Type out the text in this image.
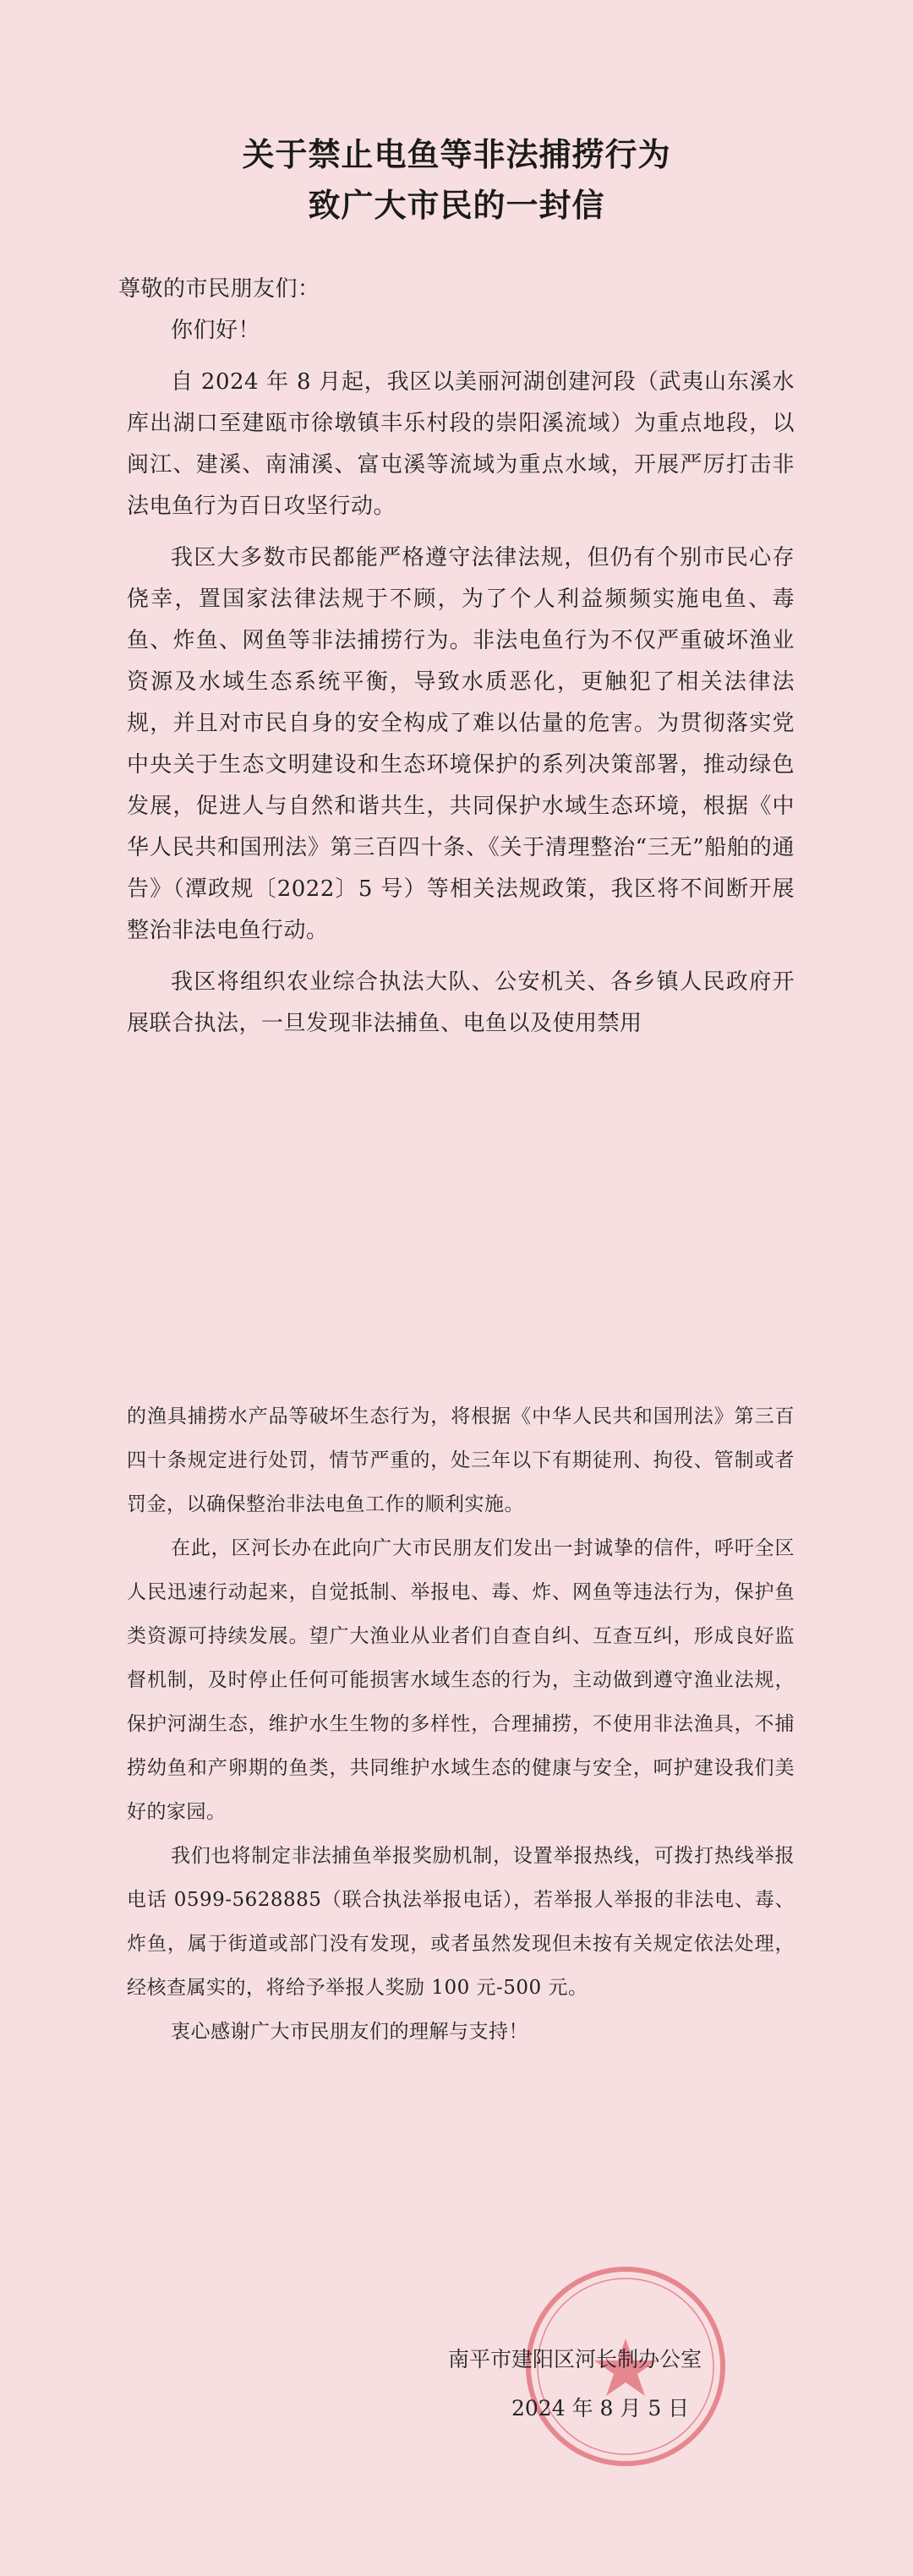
关于禁止电鱼等非法捕捞行为
致广大市民的一封信

尊敬的市民朋友们：

你们好！

自 2024 年 8 月起，我区以美丽河湖创建河段（武夷山东溪水库出湖口至建瓯市徐墩镇丰乐村段的崇阳溪流域）为重点地段，以闽江、建溪、南浦溪、富屯溪等流域为重点水域，开展严厉打击非法电鱼行为百日攻坚行动。

我区大多数市民都能严格遵守法律法规，但仍有个别市民心存侥幸，置国家法律法规于不顾，为了个人利益频频实施电鱼、毒鱼、炸鱼、网鱼等非法捕捞行为。非法电鱼行为不仅严重破坏渔业资源及水域生态系统平衡，导致水质恶化，更触犯了相关法律法规，并且对市民自身的安全构成了难以估量的危害。为贯彻落实党中央关于生态文明建设和生态环境保护的系列决策部署，推动绿色发展，促进人与自然和谐共生，共同保护水域生态环境，根据《中华人民共和国刑法》第三百四十条、《关于清理整治“三无”船舶的通告》（潭政规〔2022〕5 号）等相关法规政策，我区将不间断开展整治非法电鱼行动。

我区将组织农业综合执法大队、公安机关、各乡镇人民政府开展联合执法，一旦发现非法捕鱼、电鱼以及使用禁用

的渔具捕捞水产品等破坏生态行为，将根据《中华人民共和国刑法》第三百四十条规定进行处罚，情节严重的，处三年以下有期徒刑、拘役、管制或者罚金，以确保整治非法电鱼工作的顺利实施。

在此，区河长办在此向广大市民朋友们发出一封诚挚的信件，呼吁全区人民迅速行动起来，自觉抵制、举报电、毒、炸、网鱼等违法行为，保护鱼类资源可持续发展。望广大渔业从业者们自查自纠、互查互纠，形成良好监督机制，及时停止任何可能损害水域生态的行为，主动做到遵守渔业法规，保护河湖生态，维护水生生物的多样性，合理捕捞，不使用非法渔具，不捕捞幼鱼和产卵期的鱼类，共同维护水域生态的健康与安全，呵护建设我们美好的家园。

我们也将制定非法捕鱼举报奖励机制，设置举报热线，可拨打热线举报电话 0599-5628885（联合执法举报电话），若举报人举报的非法电、毒、炸鱼，属于街道或部门没有发现，或者虽然发现但未按有关规定依法处理，经核查属实的，将给予举报人奖励 100 元-500 元。

衷心感谢广大市民朋友们的理解与支持！

南平市建阳区河长制办公室
2024 年 8 月 5 日
